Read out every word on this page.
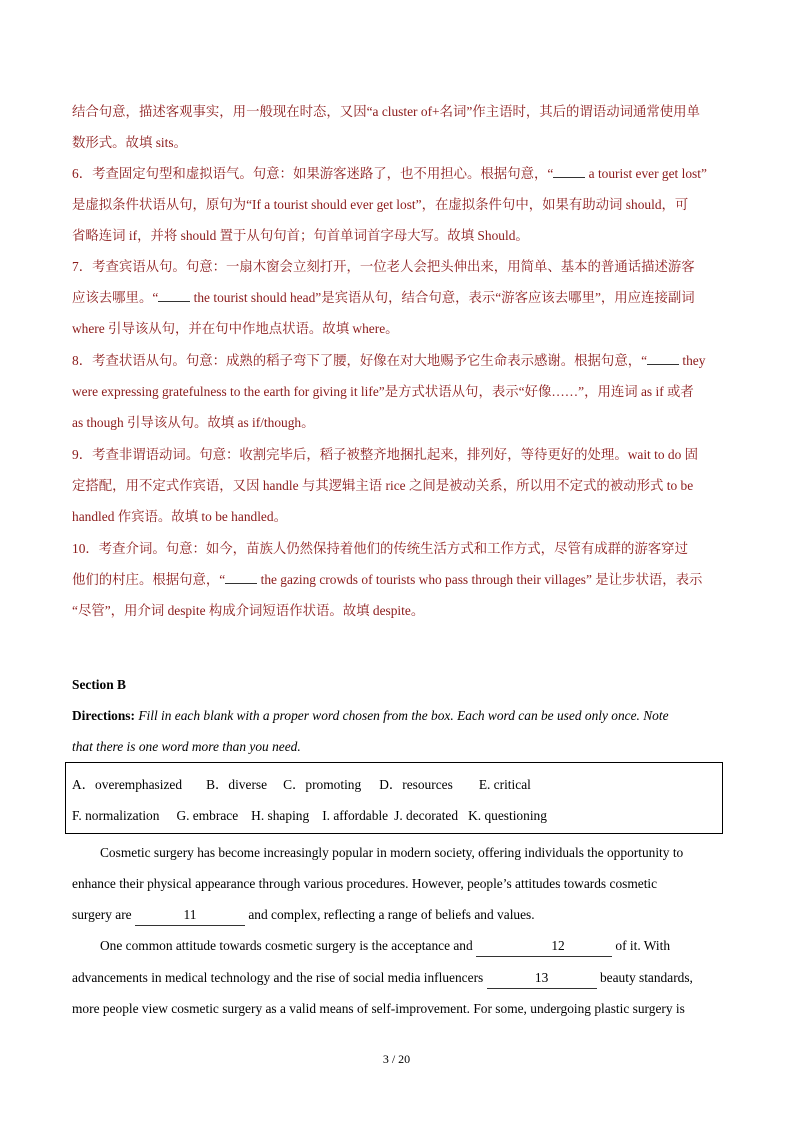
结合句意，描述客观事实，用一般现在时态，又因“a cluster of+名词”作主语时，其后的谓语动词通常使用单
数形式。故填 sits。
6．考查固定句型和虚拟语气。句意：如果游客迷路了，也不用担心。根据句意，“ a tourist ever get lost”
是虚拟条件状语从句，原句为“If a tourist should ever get lost”，在虚拟条件句中，如果有助动词 should，可
省略连词 if，并将 should 置于从句句首；句首单词首字母大写。故填 Should。
7．考查宾语从句。句意：一扇木窗会立刻打开，一位老人会把头伸出来，用简单、基本的普通话描述游客
应该去哪里。“ the tourist should head”是宾语从句，结合句意，表示“游客应该去哪里”，用应连接副词
where 引导该从句，并在句中作地点状语。故填 where。
8．考查状语从句。句意：成熟的稻子弯下了腰，好像在对大地赐予它生命表示感谢。根据句意，“ they
were expressing gratefulness to the earth for giving it life”是方式状语从句，表示“好像……”，用连词 as if 或者
as though 引导该从句。故填 as if/though。
9．考查非谓语动词。句意：收割完毕后，稻子被整齐地捆扎起来，排列好，等待更好的处理。wait to do 固
定搭配，用不定式作宾语，又因 handle 与其逻辑主语 rice 之间是被动关系，所以用不定式的被动形式 to be
handled 作宾语。故填 to be handled。
10．考查介词。句意：如今，苗族人仍然保持着他们的传统生活方式和工作方式，尽管有成群的游客穿过
他们的村庄。根据句意，“ the gazing crowds of tourists who pass through their villages” 是让步状语，表示
“尽管”，用介词 despite 构成介词短语作状语。故填 despite。
Section B
Directions: Fill in each blank with a proper word chosen from the box. Each word can be used only once. Note
that there is one word more than you need.
A．overemphasized B．diverse C．promoting D．resources E. critical
F. normalization G. embrace H. shaping I. affordable J. decorated K. questioning
Cosmetic surgery has become increasingly popular in modern society, offering individuals the opportunity to
enhance their physical appearance through various procedures. However, people’s attitudes towards cosmetic
surgery are	11	and complex, reflecting a range of beliefs and values.
One common attitude towards cosmetic surgery is the acceptance and	12	of it. With
advancements in medical technology and the rise of social media influencers	13	beauty standards,
more people view cosmetic surgery as a valid means of self-improvement. For some, undergoing plastic surgery is
3 / 20
